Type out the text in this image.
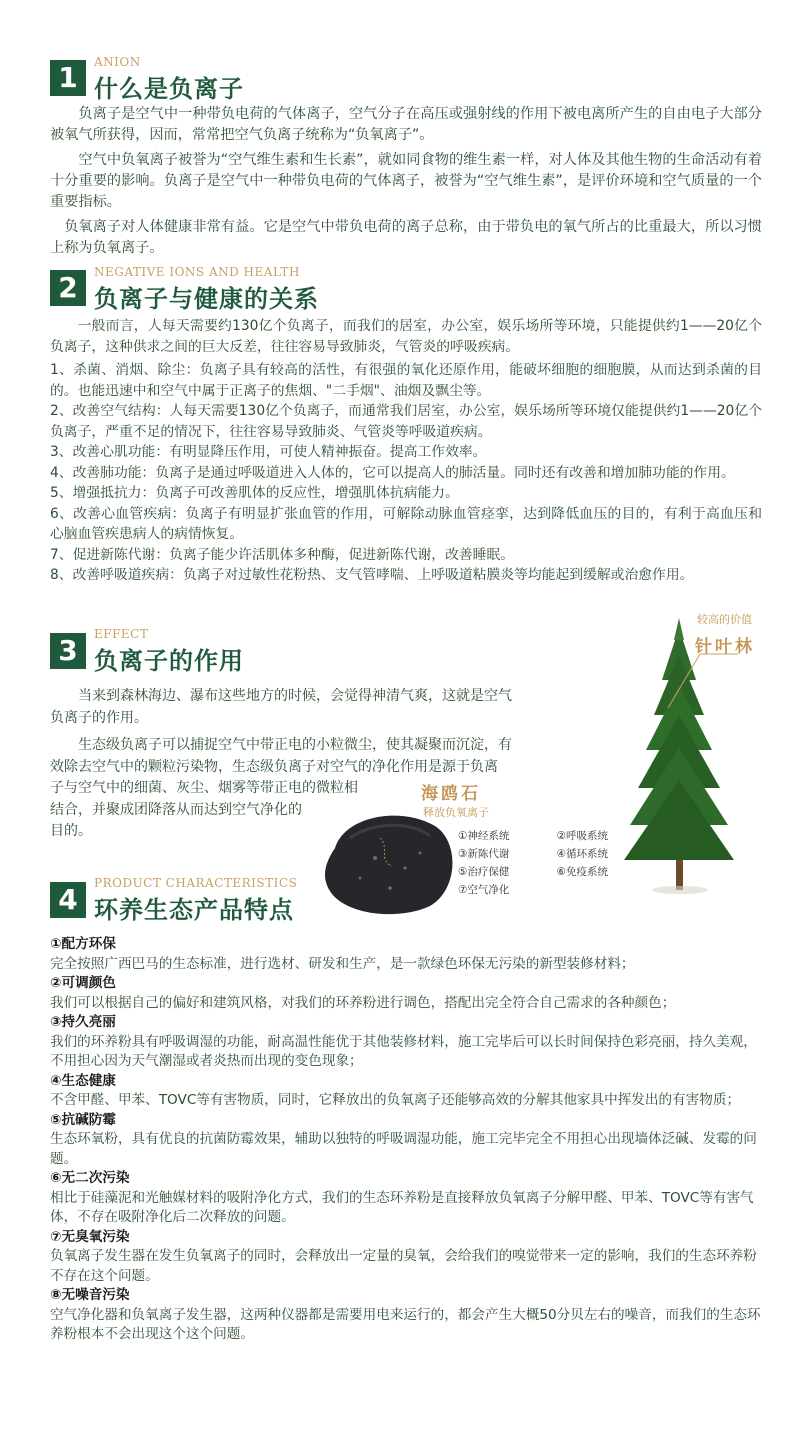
1	ANION
什么是负离子

负离子是空气中一种带负电荷的气体离子，空气分子在高压或强射线的作用下被电离所产生的自由电子大部分被氧气所获得，因而，常常把空气负离子统称为“负氧离子”。

空气中负氧离子被誉为“空气维生素和生长素”，就如同食物的维生素一样，对人体及其他生物的生命活动有着十分重要的影响。负离子是空气中一种带负电荷的气体离子，被誉为“空气维生素”，是评价环境和空气质量的一个重要指标。

负氧离子对人体健康非常有益。它是空气中带负电荷的离子总称，由于带负电的氧气所占的比重最大，所以习惯上称为负氧离子。

2	NEGATIVE IONS AND HEALTH
负离子与健康的关系

一般而言，人每天需要约130亿个负离子，而我们的居室，办公室，娱乐场所等环境，只能提供约1——20亿个负离子，这种供求之间的巨大反差，往往容易导致肺炎，气管炎的呼吸疾病。

1、杀菌、消烟、除尘：负离子具有较高的活性，有很强的氧化还原作用，能破坏细胞的细胞膜，从而达到杀菌的目的。也能迅速中和空气中属于正离子的焦烟、"二手烟"、油烟及飘尘等。

2、改善空气结构：人每天需要130亿个负离子，而通常我们居室，办公室，娱乐场所等环境仅能提供约1——20亿个负离子，严重不足的情况下，往往容易导致肺炎、气管炎等呼吸道疾病。

3、改善心肌功能：有明显降压作用，可使人精神振奋。提高工作效率。

4、改善肺功能：负离子是通过呼吸道进入人体的，它可以提高人的肺活量。同时还有改善和增加肺功能的作用。

5、增强抵抗力：负离子可改善肌体的反应性，增强肌体抗病能力。

6、改善心血管疾病：负离子有明显扩张血管的作用，可解除动脉血管痉挛，达到降低血压的目的，有利于高血压和心脑血管疾患病人的病情恢复。

7、促进新陈代谢：负离子能少许活肌体多种酶，促进新陈代谢，改善睡眠。

8、改善呼吸道疾病：负离子对过敏性花粉热、支气管哮喘、上呼吸道粘膜炎等均能起到缓解或治愈作用。

3	EFFECT
负离子的作用
当来到森林海边、瀑布这些地方的时候，会觉得神清气爽，这就是空气

负离子的作用。
生态级负离子可以捕捉空气中带正电的小粒微尘，使其凝聚而沉淀，有
效除去空气中的颗粒污染物，生态级负离子对空气的净化作用是源于负离
子与空气中的细菌、灰尘、烟雾等带正电的微粒相
结合，并聚成团降落从而达到空气净化的
目的。
较高的价值
针叶林
海鸥石
释放负氧离子
①神经系统	②呼吸系统
③新陈代谢	④循环系统
⑤治疗保健	⑥免疫系统
⑦空气净化
4	PRODUCT CHARACTERISTICS
环养生态产品特点
①配方环保

完全按照广西巴马的生态标准，进行选材、研发和生产，是一款绿色环保无污染的新型装修材料；

②可调颜色

我们可以根据自己的偏好和建筑风格，对我们的环养粉进行调色，搭配出完全符合自己需求的各种颜色；

③持久亮丽

我们的环养粉具有呼吸调湿的功能，耐高温性能优于其他装修材料，施工完毕后可以长时间保持色彩亮丽，持久美观，不用担心因为天气潮湿或者炎热而出现的变色现象；

④生态健康

不含甲醛、甲苯、TOVC等有害物质，同时，它释放出的负氧离子还能够高效的分解其他家具中挥发出的有害物质；

⑤抗碱防霉

生态环氧粉，具有优良的抗菌防霉效果，辅助以独特的呼吸调湿功能，施工完毕完全不用担心出现墙体泛碱、发霉的问题。

⑥无二次污染

相比于硅藻泥和光触媒材料的吸附净化方式，我们的生态环养粉是直接释放负氧离子分解甲醛、甲苯、TOVC等有害气体，不存在吸附净化后二次释放的问题。

⑦无臭氧污染

负氧离子发生器在发生负氧离子的同时，会释放出一定量的臭氧，会给我们的嗅觉带来一定的影响，我们的生态环养粉不存在这个问题。

⑧无噪音污染

空气净化器和负氧离子发生器，这两种仪器都是需要用电来运行的，都会产生大概50分贝左右的噪音，而我们的生态环养粉根本不会出现这个这个问题。
